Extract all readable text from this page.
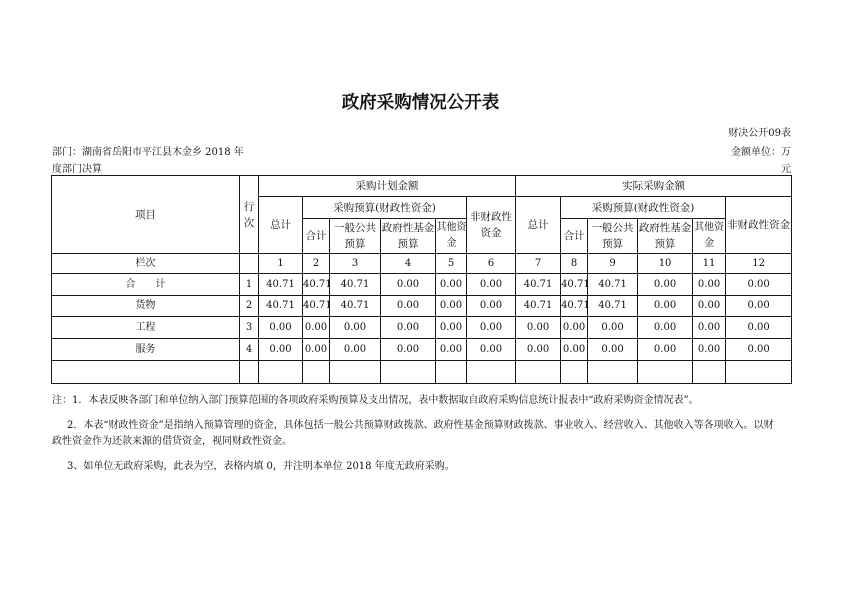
政府采购情况公开表
财决公开09表
部门：湖南省岳阳市平江县木金乡 2018 年
度部门决算
金额单位：万
元
项目	行次	采购计划金额						实际采购金额					
		总计	采购预算(财政性资金)				非财政性资金	总计	采购预算(财政性资金)				非财政性资金
			合计	一般公共预算	政府性基金预算	其他资金			合计	一般公共预算	政府性基金预算	其他资金	

栏次		1	2	3	4	5	6	7	8	9	10	11	12
合　　计	1	40.71	40.71	40.71	0.00	0.00	0.00	40.71	40.71	40.71	0.00	0.00	0.00
货物	2	40.71	40.71	40.71	0.00	0.00	0.00	40.71	40.71	40.71	0.00	0.00	0.00
工程	3	0.00	0.00	0.00	0.00	0.00	0.00	0.00	0.00	0.00	0.00	0.00	0.00
服务	4	0.00	0.00	0.00	0.00	0.00	0.00	0.00	0.00	0.00	0.00	0.00	0.00

注：1．本表反映各部门和单位纳入部门预算范围的各项政府采购预算及支出情况，表中数据取自政府采购信息统计报表中“政府采购资金情况表”。
2．本表“财政性资金”是指纳入预算管理的资金，具体包括一般公共预算财政拨款、政府性基金预算财政拨款、事业收入、经营收入、其他收入等各项收入。以财
政性资金作为还款来源的借贷资金，视同财政性资金。
3、如单位无政府采购，此表为空，表格内填 0，并注明本单位 2018 年度无政府采购。
